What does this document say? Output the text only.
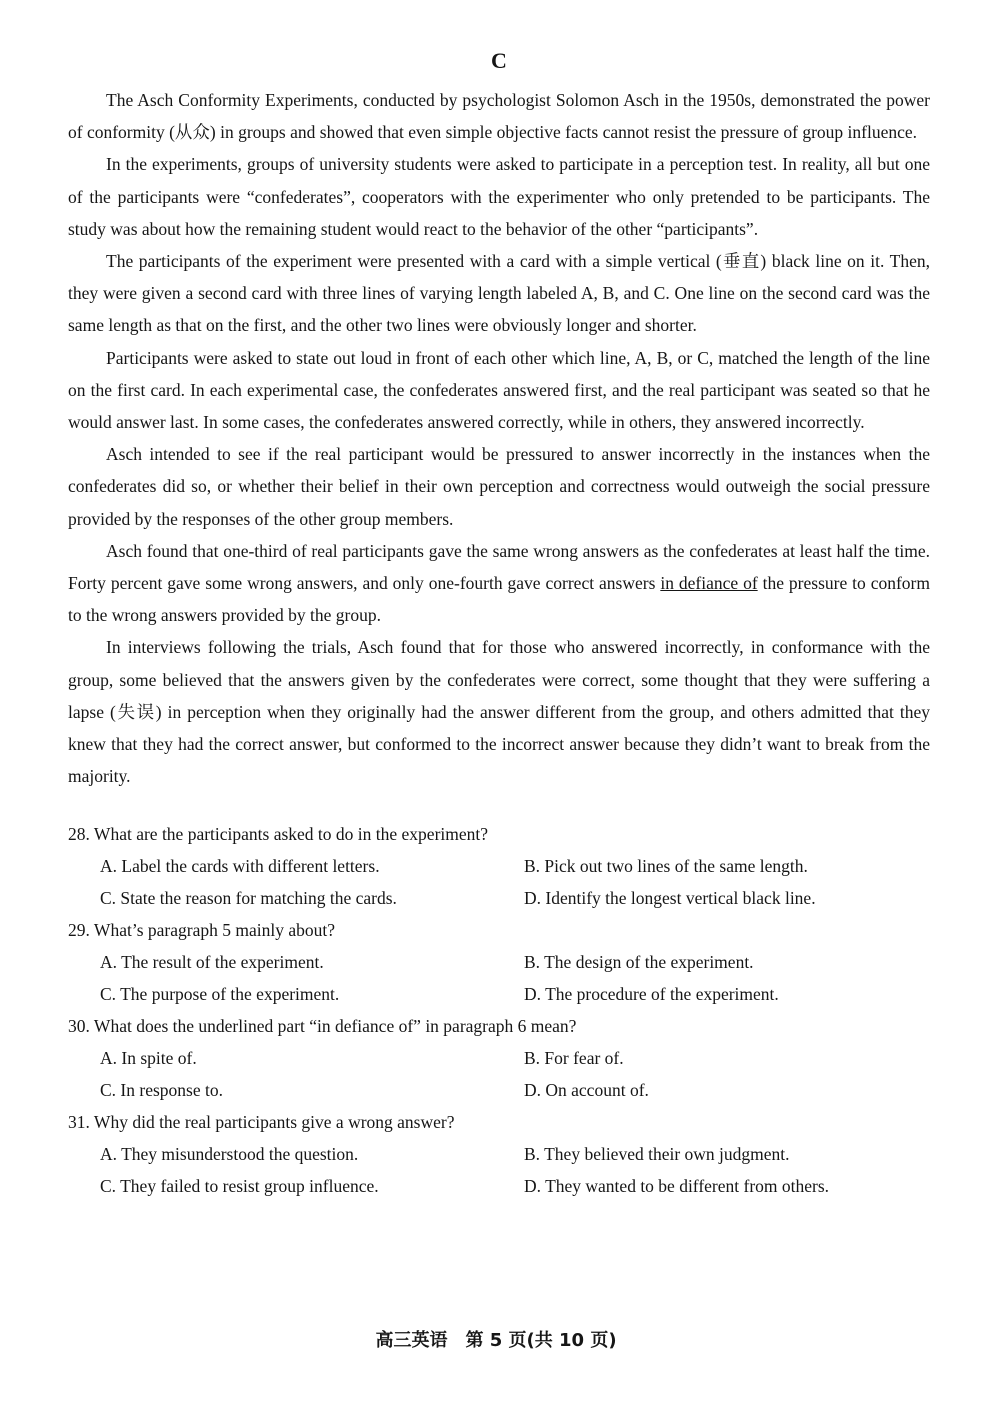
C

The Asch Conformity Experiments, conducted by psychologist Solomon Asch in the 1950s, demonstrated the power of conformity (从众) in groups and showed that even simple objective facts cannot resist the pressure of group influence.

In the experiments, groups of university students were asked to participate in a perception test. In reality, all but one of the participants were “confederates”, cooperators with the experimenter who only pretended to be participants. The study was about how the remaining student would react to the behavior of the other “participants”.

The participants of the experiment were presented with a card with a simple vertical (垂直) black line on it. Then, they were given a second card with three lines of varying length labeled A, B, and C. One line on the second card was the same length as that on the first, and the other two lines were obviously longer and shorter.

Participants were asked to state out loud in front of each other which line, A, B, or C, matched the length of the line on the first card. In each experimental case, the confederates answered first, and the real participant was seated so that he would answer last. In some cases, the confederates answered correctly, while in others, they answered incorrectly.

Asch intended to see if the real participant would be pressured to answer incorrectly in the instances when the confederates did so, or whether their belief in their own perception and correctness would outweigh the social pressure provided by the responses of the other group members.

Asch found that one-third of real participants gave the same wrong answers as the confederates at least half the time. Forty percent gave some wrong answers, and only one-fourth gave correct answers in defiance of the pressure to conform to the wrong answers provided by the group.

In interviews following the trials, Asch found that for those who answered incorrectly, in conformance with the group, some believed that the answers given by the confederates were correct, some thought that they were suffering a lapse (失误) in perception when they originally had the answer different from the group, and others admitted that they knew that they had the correct answer, but conformed to the incorrect answer because they didn’t want to break from the majority.

28. What are the participants asked to do in the experiment?

A. Label the cards with different letters.	B. Pick out two lines of the same length.

C. State the reason for matching the cards.	D. Identify the longest vertical black line.

29. What’s paragraph 5 mainly about?

A. The result of the experiment.	B. The design of the experiment.

C. The purpose of the experiment.	D. The procedure of the experiment.

30. What does the underlined part “in defiance of” in paragraph 6 mean?

A. In spite of.	B. For fear of.

C. In response to.	D. On account of.

31. Why did the real participants give a wrong answer?

A. They misunderstood the question.	B. They believed their own judgment.

C. They failed to resist group influence.	D. They wanted to be different from others.

高三英语　第 5 页(共 10 页)
